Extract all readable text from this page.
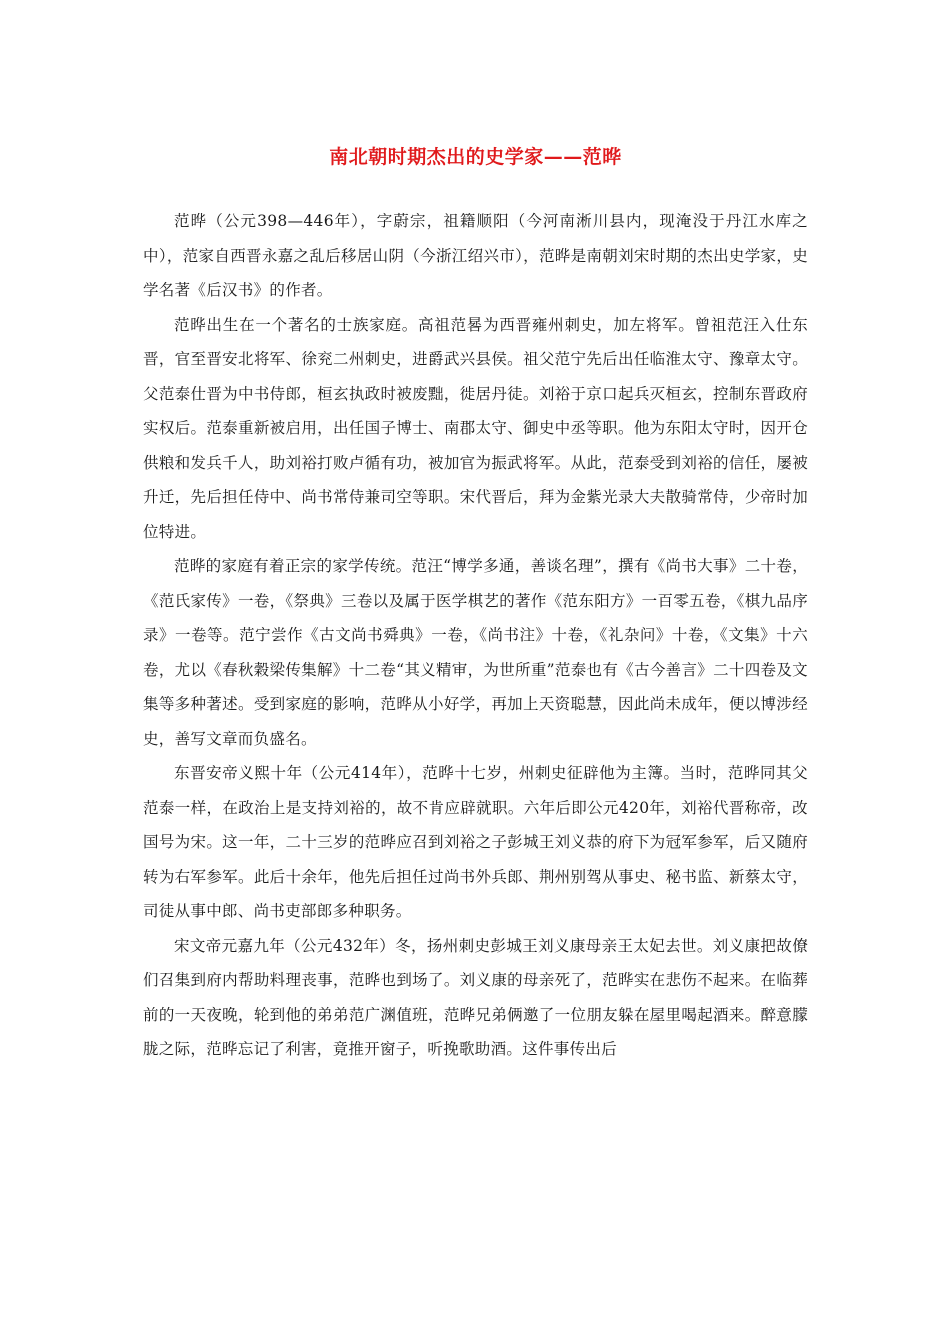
南北朝时期杰出的史学家——范晔

范晔（公元398—446年），字蔚宗，祖籍顺阳（今河南淅川县内，现淹没于丹江水库之中），范家自西晋永嘉之乱后移居山阴（今浙江绍兴市），范晔是南朝刘宋时期的杰出史学家，史学名著《后汉书》的作者。

范晔出生在一个著名的士族家庭。高祖范晷为西晋雍州刺史，加左将军。曾祖范汪入仕东晋，官至晋安北将军、徐兖二州刺史，进爵武兴县侯。祖父范宁先后出任临淮太守、豫章太守。父范泰仕晋为中书侍郎，桓玄执政时被废黜，徙居丹徒。刘裕于京口起兵灭桓玄，控制东晋政府实权后。范泰重新被启用，出任国子博士、南郡太守、御史中丞等职。他为东阳太守时，因开仓供粮和发兵千人，助刘裕打败卢循有功，被加官为振武将军。从此，范泰受到刘裕的信任，屡被升迁，先后担任侍中、尚书常侍兼司空等职。宋代晋后，拜为金紫光录大夫散骑常侍，少帝时加位特进。

范晔的家庭有着正宗的家学传统。范汪“博学多通，善谈名理”，撰有《尚书大事》二十卷，《范氏家传》一卷，《祭典》三卷以及属于医学棋艺的著作《范东阳方》一百零五卷，《棋九品序录》一卷等。范宁尝作《古文尚书舜典》一卷，《尚书注》十卷，《礼杂问》十卷，《文集》十六卷，尤以《春秋穀梁传集解》十二卷“其义精审，为世所重”范泰也有《古今善言》二十四卷及文集等多种著述。受到家庭的影响，范晔从小好学，再加上天资聪慧，因此尚未成年，便以博涉经史，善写文章而负盛名。

东晋安帝义熙十年（公元414年），范晔十七岁，州刺史征辟他为主簿。当时，范晔同其父范泰一样，在政治上是支持刘裕的，故不肯应辟就职。六年后即公元420年，刘裕代晋称帝，改国号为宋。这一年，二十三岁的范晔应召到刘裕之子彭城王刘义恭的府下为冠军参军，后又随府转为右军参军。此后十余年，他先后担任过尚书外兵郎、荆州别驾从事史、秘书监、新蔡太守，司徒从事中郎、尚书吏部郎多种职务。

宋文帝元嘉九年（公元432年）冬，扬州刺史彭城王刘义康母亲王太妃去世。刘义康把故僚们召集到府内帮助料理丧事，范晔也到场了。刘义康的母亲死了，范晔实在悲伤不起来。在临葬前的一天夜晚，轮到他的弟弟范广渊值班，范晔兄弟俩邀了一位朋友躲在屋里喝起酒来。醉意朦胧之际，范晔忘记了利害，竟推开窗子，听挽歌助酒。这件事传出后
